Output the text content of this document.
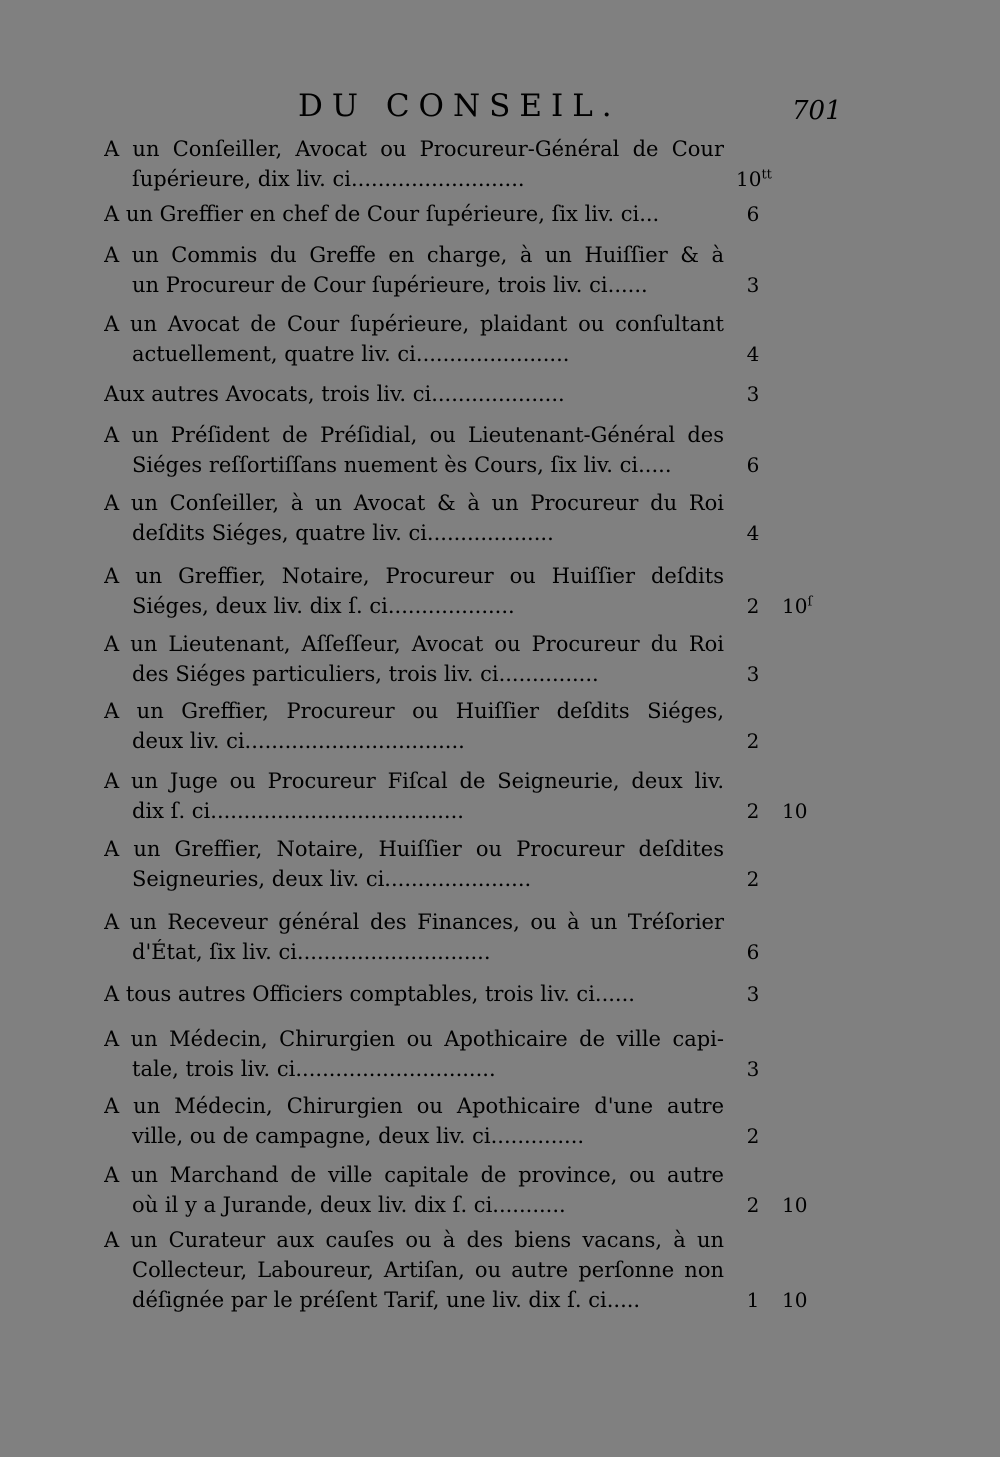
DU CONSEIL.	701
A un Conſeiller, Avocat ou Procureur-Général de Cour
ſupérieure, dix liv. ci..........................	$10^{tt}$
A un Greffier en chef de Cour ſupérieure, ſix liv. ci...	6
A un Commis du Greffe en charge, à un Huiſſier & à
un Procureur de Cour ſupérieure, trois liv. ci......	3
A un Avocat de Cour ſupérieure, plaidant ou conſultant
actuellement, quatre liv. ci.......................	4
Aux autres Avocats, trois liv. ci....................	3
A un Préſident de Préſidial, ou Lieutenant-Général des
Siéges reſſortiſſans nuement ès Cours, ſix liv. ci.....	6
A un Conſeiller, à un Avocat & à un Procureur du Roi
deſdits Siéges, quatre liv. ci...................	4
A un Greffier, Notaire, Procureur ou Huiſſier deſdits
Siéges, deux liv. dix ſ. ci...................	2	$10^ſ$
A un Lieutenant, Aſſeſſeur, Avocat ou Procureur du Roi
des Siéges particuliers, trois liv. ci...............	3
A un Greffier, Procureur ou Huiſſier deſdits Siéges,
deux liv. ci.................................	2
A un Juge ou Procureur Fiſcal de Seigneurie, deux liv.
dix ſ. ci......................................	2	10
A un Greffier, Notaire, Huiſſier ou Procureur deſdites
Seigneuries, deux liv. ci......................	2
A un Receveur général des Finances, ou à un Tréſorier
d'État, ſix liv. ci.............................	6
A tous autres Officiers comptables, trois liv. ci......	3
A un Médecin, Chirurgien ou Apothicaire de ville capi-
tale, trois liv. ci..............................	3
A un Médecin, Chirurgien ou Apothicaire d'une autre
ville, ou de campagne, deux liv. ci..............	2
A un Marchand de ville capitale de province, ou autre
où il y a Jurande, deux liv. dix ſ. ci...........	2	10
A un Curateur aux cauſes ou à des biens vacans, à un
Collecteur, Laboureur, Artiſan, ou autre perſonne non
déſignée par le préſent Tarif, une liv. dix ſ. ci.....	1	10
